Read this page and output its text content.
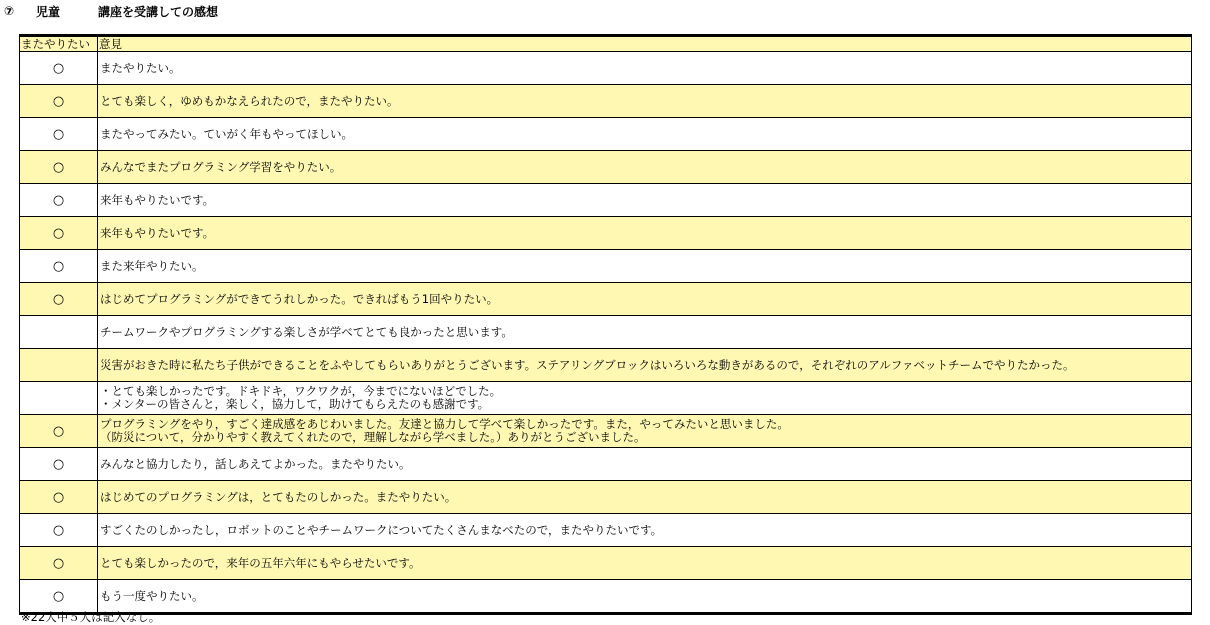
⑦	児童	講座を受講しての感想
またやりたい	意見
○	またやりたい。

○	とても楽しく，ゆめもかなえられたので，またやりたい。

○	またやってみたい。ていがく年もやってほしい。

○	みんなでまたプログラミング学習をやりたい。

○	来年もやりたいです。

○	来年もやりたいです。

○	また来年やりたい。

○	はじめてプログラミングができてうれしかった。できればもう1回やりたい。

	チームワークやプログラミングする楽しさが学べてとても良かったと思います。

	災害がおきた時に私たち子供ができることをふやしてもらいありがとうございます。ステアリングブロックはいろいろな動きがあるので，それぞれのアルファベットチームでやりたかった。

	・とても楽しかったです。ドキドキ，ワクワクが，今までにないほどでした。
・メンターの皆さんと，楽しく，協力して，助けてもらえたのも感謝です。

○	プログラミングをやり，すごく達成感をあじわいました。友達と協力して学べて楽しかったです。また，やってみたいと思いました。
（防災について，分かりやすく教えてくれたので，理解しながら学べました。）ありがとうございました。

○	みんなと協力したり，話しあえてよかった。またやりたい。

○	はじめてのプログラミングは，とてもたのしかった。またやりたい。

○	すごくたのしかったし，ロボットのことやチームワークについてたくさんまなべたので，またやりたいです。

○	とても楽しかったので，来年の五年六年にもやらせたいです。

○	もう一度やりたい。
※22人中５人は記入なし。
